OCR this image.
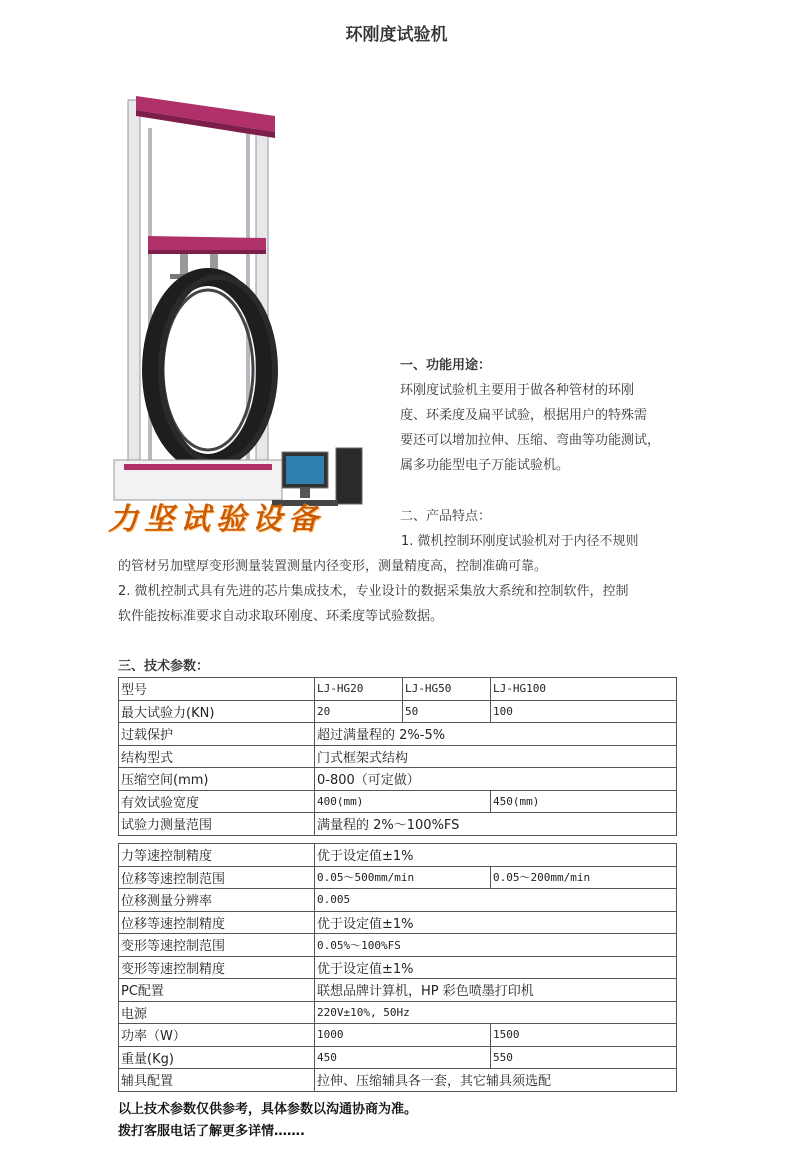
环刚度试验机
力坚试验设备
一、功能用途：
环刚度试验机主要用于做各种管材的环刚
度、环柔度及扁平试验，根据用户的特殊需
要还可以增加拉伸、压缩、弯曲等功能测试，
属多功能型电子万能试验机。
二、产品特点：
1. 微机控制环刚度试验机对于内径不规则
的管材另加壁厚变形测量装置测量内径变形，测量精度高，控制准确可靠。
2. 微机控制式具有先进的芯片集成技术，专业设计的数据采集放大系统和控制软件，控制
软件能按标准要求自动求取环刚度、环柔度等试验数据。
三、技术参数：
型号	LJ-HG20	LJ-HG50	LJ-HG100
最大试验力(KN)	20	50	100
过载保护	超过满量程的 2%-5%		
结构型式	门式框架式结构		
压缩空间(mm)	0-800（可定做）		
有效试验宽度	400(mm)		450(mm)
试验力测量范围	满量程的 2%～100%FS		
力等速控制精度	优于设定值±1%	
位移等速控制范围	0.05～500mm/min	0.05～200mm/min
位移测量分辨率	0.005	
位移等速控制精度	优于设定值±1%	
变形等速控制范围	0.05%～100%FS	
变形等速控制精度	优于设定值±1%	
PC配置	联想品牌计算机，HP 彩色喷墨打印机	
电源	220V±10%, 50Hz	
功率（W）	1000	1500
重量(Kg)	450	550
辅具配置	拉伸、压缩辅具各一套，其它辅具须选配	
以上技术参数仅供参考，具体参数以沟通协商为准。
拨打客服电话了解更多详情…….
